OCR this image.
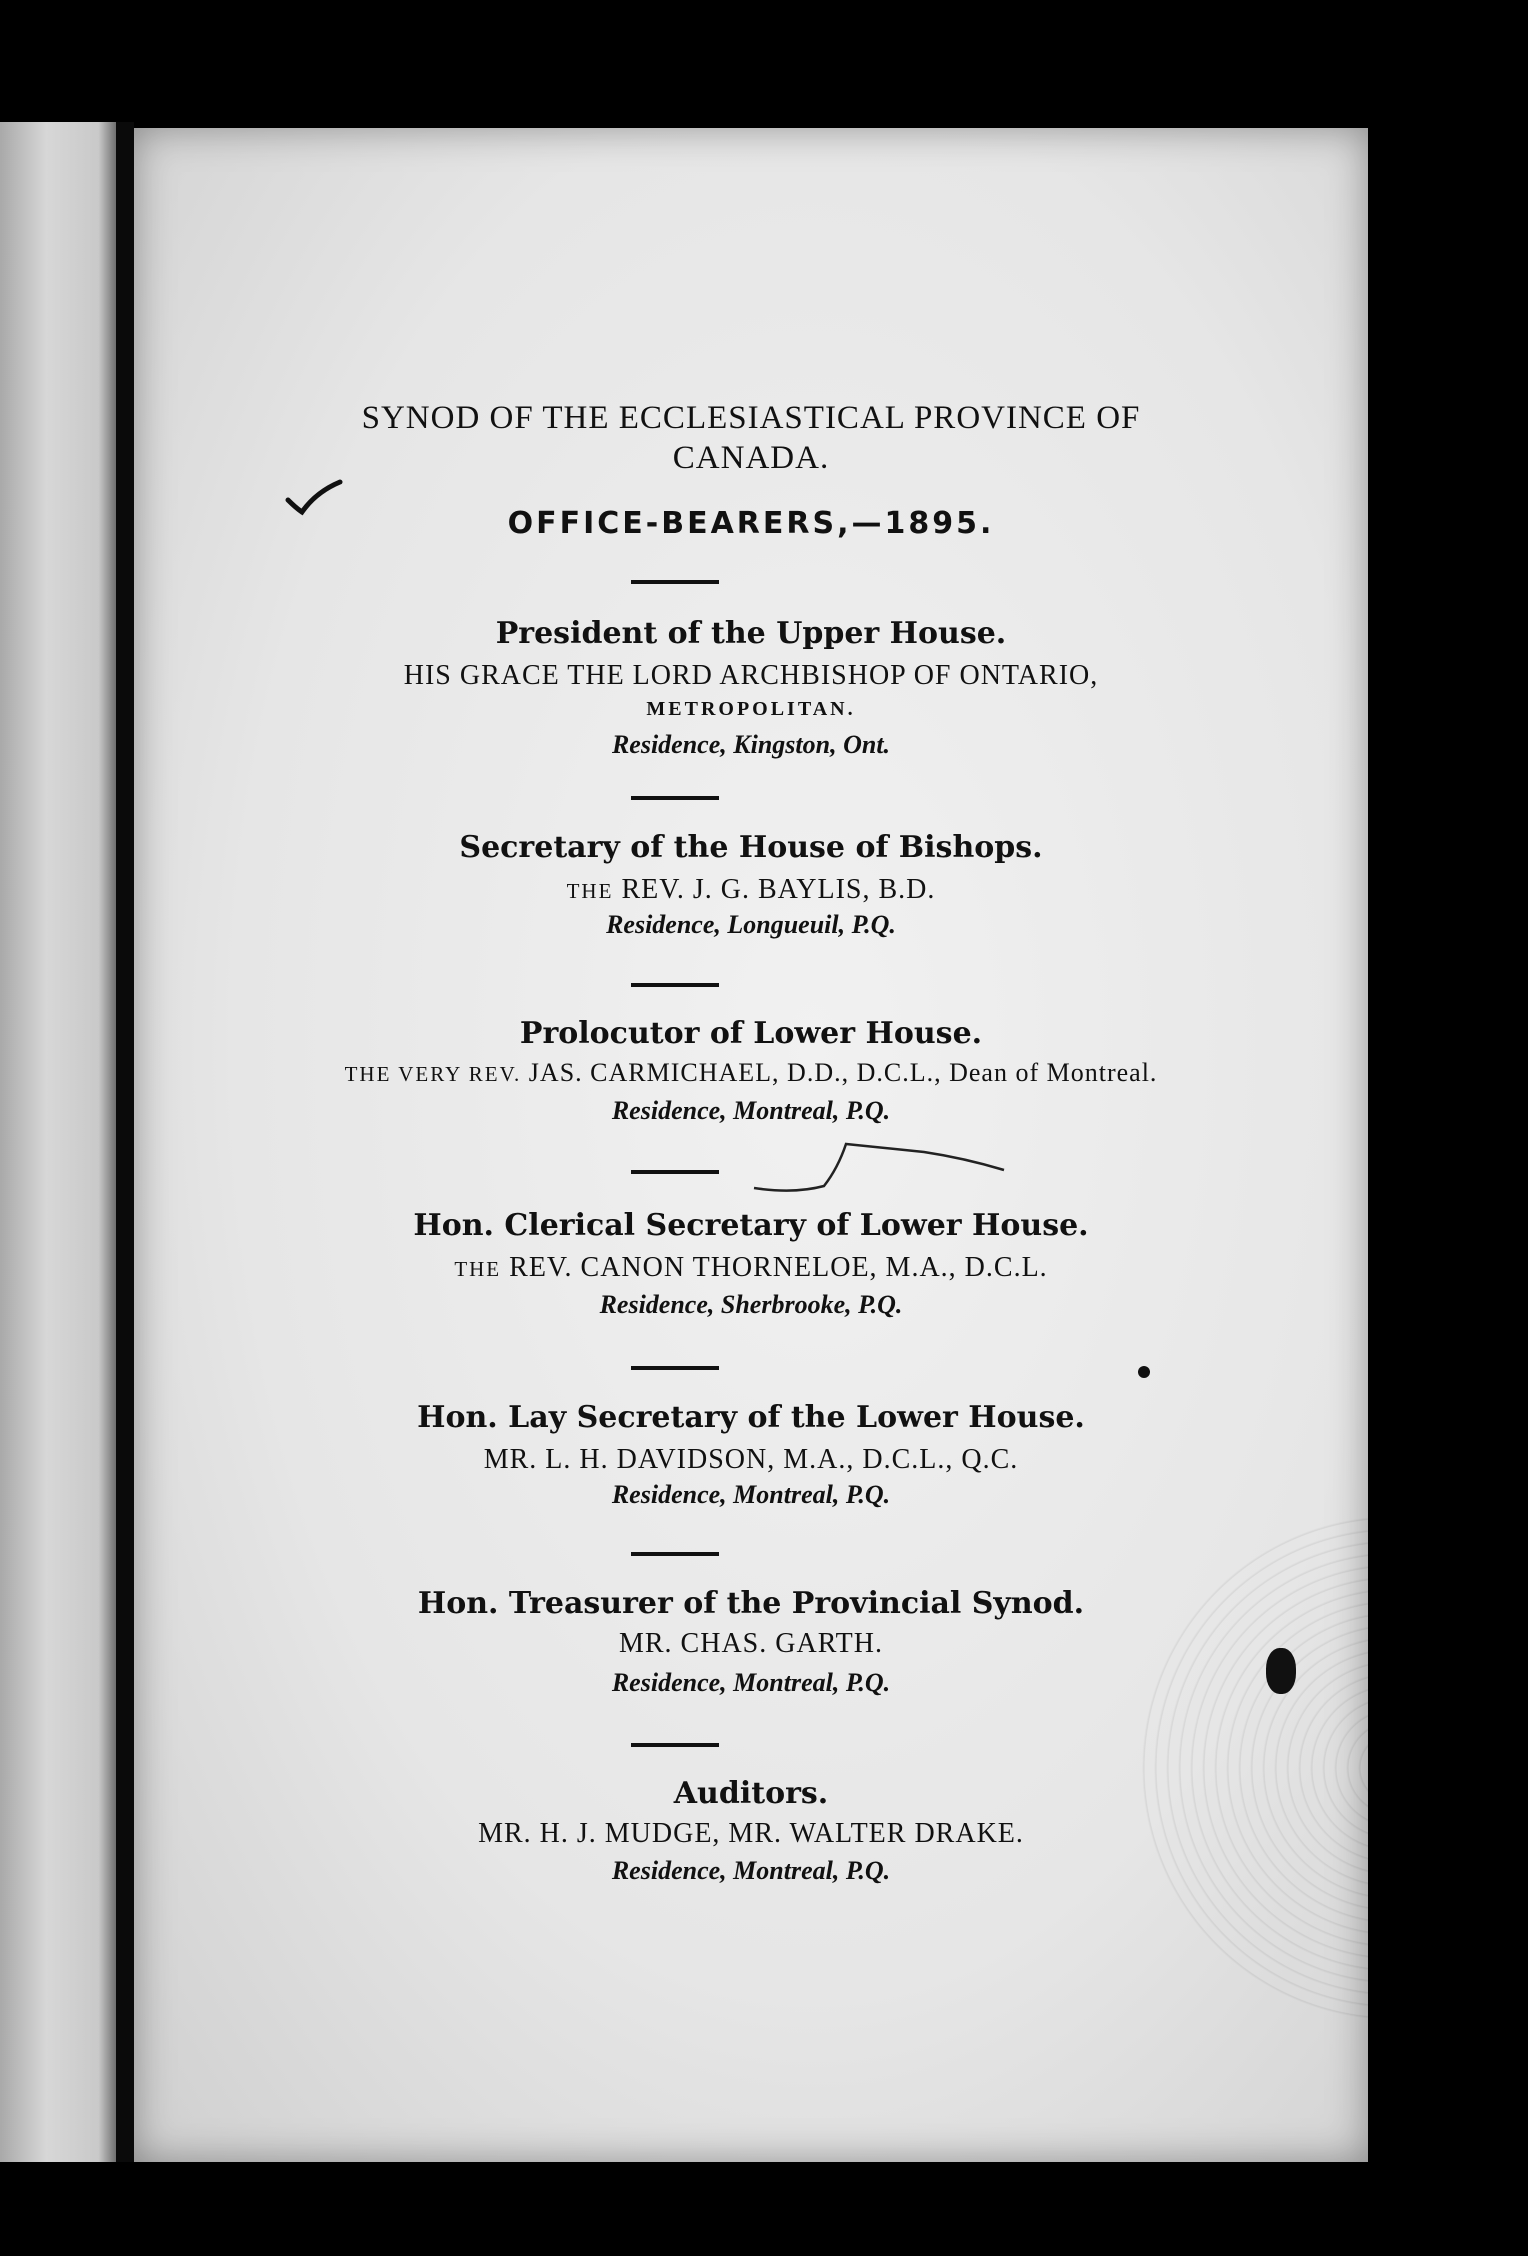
SYNOD OF THE ECCLESIASTICAL PROVINCE OF
CANADA.
OFFICE-BEARERS,—1895.
President of the Upper House.
HIS GRACE THE LORD ARCHBISHOP OF ONTARIO,
METROPOLITAN.
Residence, Kingston, Ont.
Secretary of the House of Bishops.
THE REV. J. G. BAYLIS, B.D.
Residence, Longueuil, P.Q.
Prolocutor of Lower House.
THE VERY REV. JAS. CARMICHAEL, D.D., D.C.L., Dean of Montreal.
Residence, Montreal, P.Q.
Hon. Clerical Secretary of Lower House.
THE REV. CANON THORNELOE, M.A., D.C.L.
Residence, Sherbrooke, P.Q.
Hon. Lay Secretary of the Lower House.
MR. L. H. DAVIDSON, M.A., D.C.L., Q.C.
Residence, Montreal, P.Q.
Hon. Treasurer of the Provincial Synod.
MR. CHAS. GARTH.
Residence, Montreal, P.Q.
Auditors.
MR. H. J. MUDGE, MR. WALTER DRAKE.
Residence, Montreal, P.Q.
